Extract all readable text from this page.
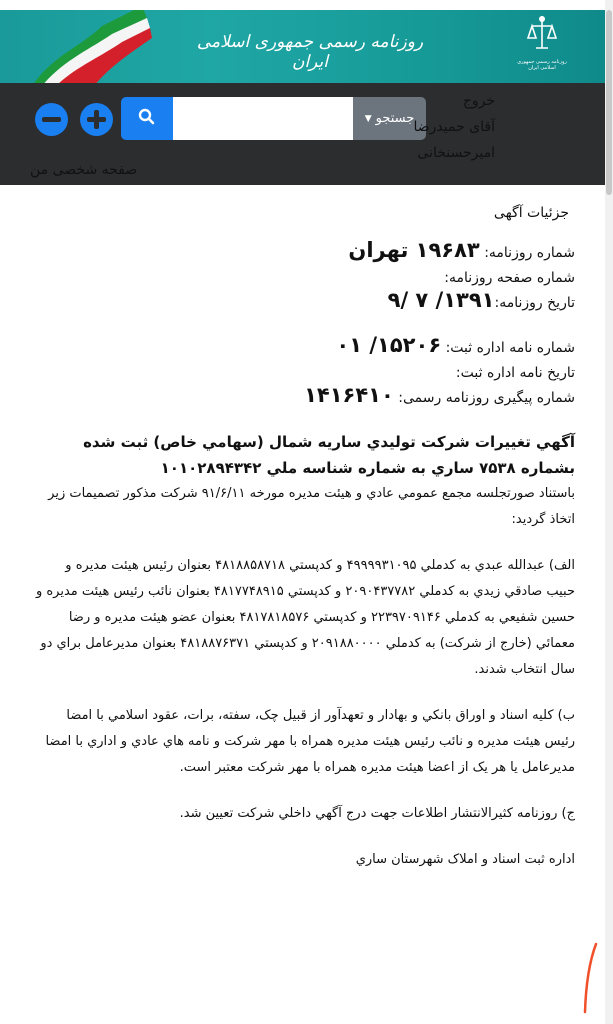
روزنامه رسمی جمهوری اسلامی ایران	روزنامه رسمی جمهوری اسلامی ایران
جستجو
▼
خروج
آقای حمیدرضا
امیرحسنخانی
صفحه شخصی من
جزئیات آگهی
شماره روزنامه: ۱۹۶۸۳ تهران
شماره صفحه روزنامه:
تاریخ روزنامه:۱۳۹۱/ ۷ /۹
شماره نامه اداره ثبت: ۱۵۲۰۶/ ۰۱
تاریخ نامه اداره ثبت:
شماره پیگیری روزنامه رسمی: ۱۴۱۶۴۱۰
آگهي تغييرات شركت توليدي ساريه شمال (سهامي خاص) ثبت شده بشماره ۷۵۳۸ ساري به شماره شناسه ملي ۱۰۱۰۲۸۹۴۳۴۲
باستناد صورتجلسه مجمع عمومي عادي و هيئت مديره مورخه ۹۱/۶/۱۱ شركت مذكور تصميمات زير اتخاذ گرديد:
الف) عبدالله عبدي به كدملي ۴۹۹۹۹۳۱۰۹۵ و كدپستي ۴۸۱۸۸۵۸۷۱۸ بعنوان رئيس هيئت مديره و حبيب صادقي زيدي به كدملي ۲۰۹۰۴۳۷۷۸۲ و كدپستي ۴۸۱۷۷۴۸۹۱۵ بعنوان نائب رئيس هيئت مديره و حسين شفيعي به كدملي ۲۲۳۹۷۰۹۱۴۶ و كدپستي ۴۸۱۷۸۱۸۵۷۶ بعنوان عضو هيئت مديره و رضا معمائي (خارج از شركت) به كدملي ۲۰۹۱۸۸۰۰۰۰ و كدپستي ۴۸۱۸۸۷۶۳۷۱ بعنوان مديرعامل براي دو سال انتخاب شدند.
ب) كليه اسناد و اوراق بانكي و بهادار و تعهدآور از قبيل چک، سفته، برات، عقود اسلامي با امضا رئيس هيئت مديره و نائب رئيس هيئت مديره همراه با مهر شركت و نامه هاي عادي و اداري با امضا مديرعامل يا هر يک از اعضا هيئت مديره همراه با مهر شركت معتبر است.
ج) روزنامه كثيرالانتشار اطلاعات جهت درج آگهي داخلي شركت تعيين شد.
اداره ثبت اسناد و املاک شهرستان ساري
